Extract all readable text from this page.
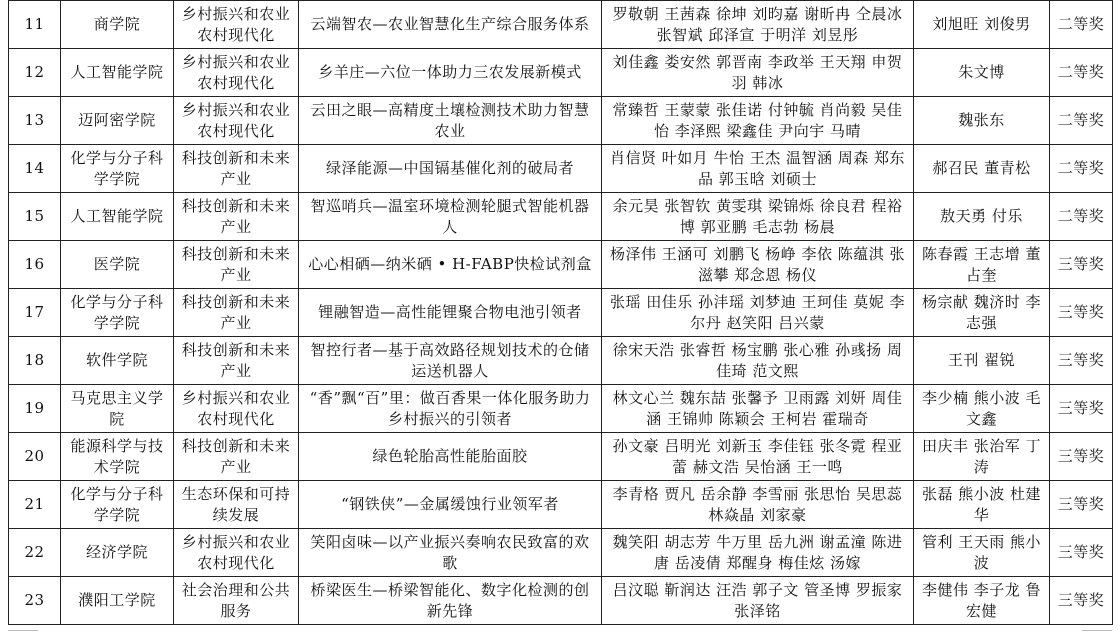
11	商学院	乡村振兴和农业农村现代化	云端智农—农业智慧化生产综合服务体系	罗敬朝 王茜森 徐坤 刘昀嘉 谢昕冉 仝晨冰 张智斌 邱泽宣 于明洋 刘昱彤	刘旭旺 刘俊男	二等奖
12	人工智能学院	乡村振兴和农业农村现代化	乡羊庄—六位一体助力三农发展新模式	刘佳鑫 娄安然 郭晋南 李政举 王天翔 申贺羽 韩冰	朱文博	二等奖
13	迈阿密学院	乡村振兴和农业农村现代化	云田之眼—高精度土壤检测技术助力智慧农业	常臻哲 王蒙蒙 张佳诺 付钟毓 肖尚毅 吴佳怡 李泽熙 梁鑫佳 尹向宇 马晴	魏张东	二等奖
14	化学与分子科学学院	科技创新和未来产业	绿泽能源—中国镉基催化剂的破局者	肖信贤 叶如月 牛怡 王杰 温智涵 周森 郑东品 郭玉晗 刘硕士	郝召民 董青松	二等奖
15	人工智能学院	科技创新和未来产业	智巡哨兵—温室环境检测轮腿式智能机器人	余元昊 张智钦 黄雯琪 梁锦烁 徐良君 程裕博 郭亚鹏 毛志勃 杨晨	敖天勇 付乐	二等奖
16	医学院	科技创新和未来产业	心心相硒—纳米硒 • H-FABP快检试剂盒	杨泽伟 王涵可 刘鹏飞 杨峥 李依 陈蕴淇 张滋攀 郑念恩 杨仪	陈春霞 王志增 董占奎	三等奖
17	化学与分子科学学院	科技创新和未来产业	锂融智造—高性能锂聚合物电池引领者	张瑶 田佳乐 孙沣瑶 刘梦迪 王珂佳 莫妮 李尔丹 赵笑阳 吕兴蒙	杨宗献 魏济时 李志强	三等奖
18	软件学院	科技创新和未来产业	智控行者—基于高效路径规划技术的仓储运送机器人	徐宋天浩 张睿哲 杨宝鹏 张心雅 孙彧扬 周佳琦 范文熙	王刊 翟锐	三等奖
19	马克思主义学院	乡村振兴和农业农村现代化	“香”飘“百”里：做百香果一体化服务助力乡村振兴的引领者	林文心兰 魏东喆 张馨予 卫雨露 刘妍 周佳涵 王锦帅 陈颖会 王柯岩 霍瑞奇	李少楠 熊小波 毛文鑫	三等奖
20	能源科学与技术学院	科技创新和未来产业	绿色轮胎高性能胎面胶	孙文豪 吕明光 刘新玉 李佳钰 张冬霓 程亚蕾 赫文浩 吴怡涵 王一鸣	田庆丰 张治军 丁涛	三等奖
21	化学与分子科学学院	生态环保和可持续发展	“钢铁侠”—金属缓蚀行业领军者	李青格 贾凡 岳余静 李雪丽 张思怡 吴思蕊 林焱晶 刘家豪	张磊 熊小波 杜建华	三等奖
22	经济学院	乡村振兴和农业农村现代化	笑阳卤味—以产业振兴奏响农民致富的欢歌	魏笑阳 胡志芳 牛万里 岳九洲 谢孟潼 陈进唐 岳凌倩 郑醒身 梅佳炫 汤嫁	管利 王天雨 熊小波	三等奖
23	濮阳工学院	社会治理和公共服务	桥梁医生—桥梁智能化、数字化检测的创新先锋	吕汶聪 靳润达 汪浩 郭子文 管圣博 罗振家 张泽铭	李健伟 李子龙 鲁宏健	三等奖
